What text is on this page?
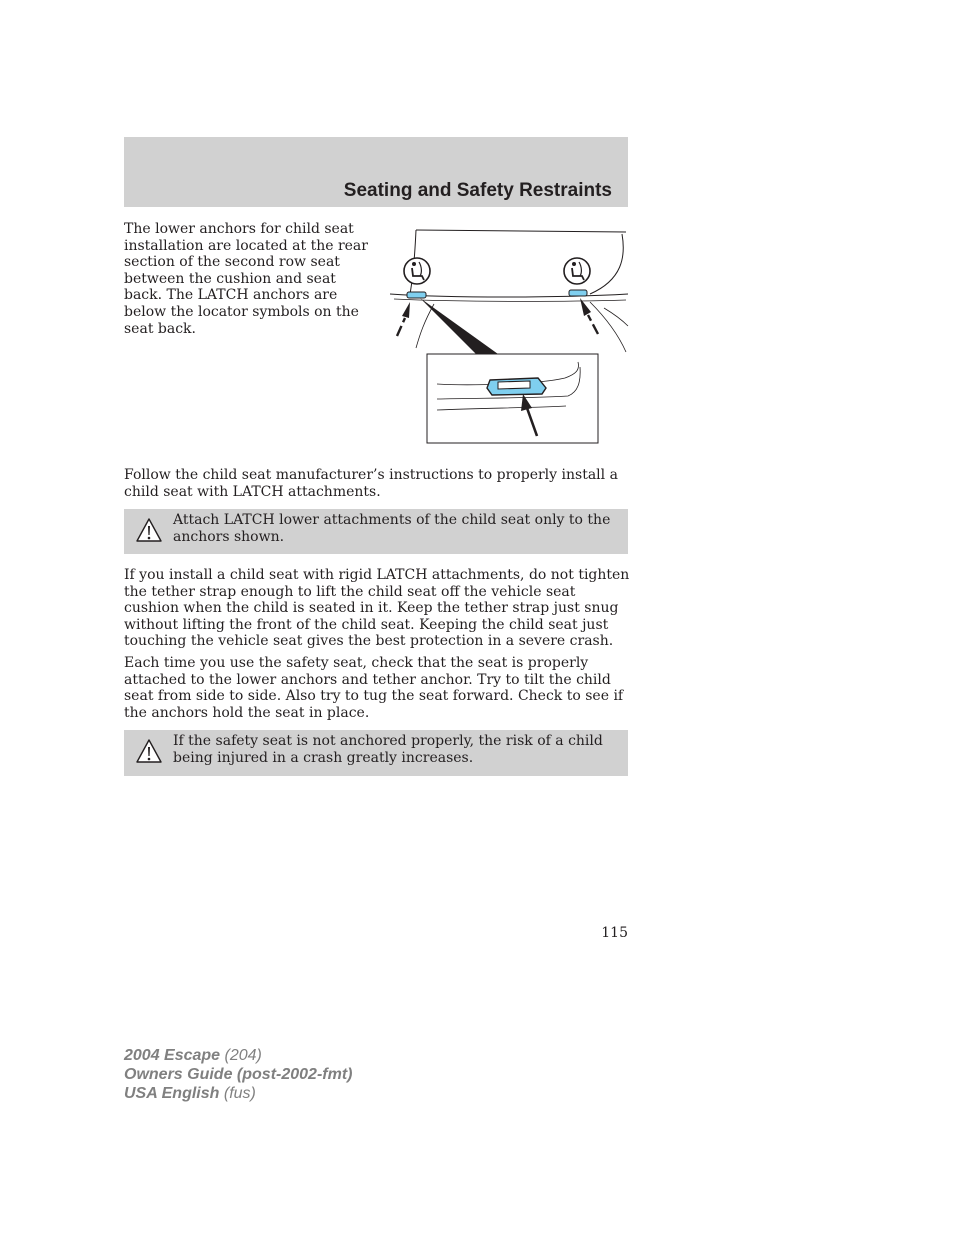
Seating and Safety Restraints

The lower anchors for child seat installation are located at the rear section of the second row seat between the cushion and seat back. The LATCH anchors are below the locator symbols on the seat back.

Follow the child seat manufacturer’s instructions to properly install a child seat with LATCH attachments.

Attach LATCH lower attachments of the child seat only to the anchors shown.

If you install a child seat with rigid LATCH attachments, do not tighten the tether strap enough to lift the child seat off the vehicle seat cushion when the child is seated in it. Keep the tether strap just snug without lifting the front of the child seat. Keeping the child seat just touching the vehicle seat gives the best protection in a severe crash.

Each time you use the safety seat, check that the seat is properly attached to the lower anchors and tether anchor. Try to tilt the child seat from side to side. Also try to tug the seat forward. Check to see if the anchors hold the seat in place.

If the safety seat is not anchored properly, the risk of a child being injured in a crash greatly increases.

115
2004 Escape (204)
Owners Guide (post-2002-fmt)
USA English (fus)
